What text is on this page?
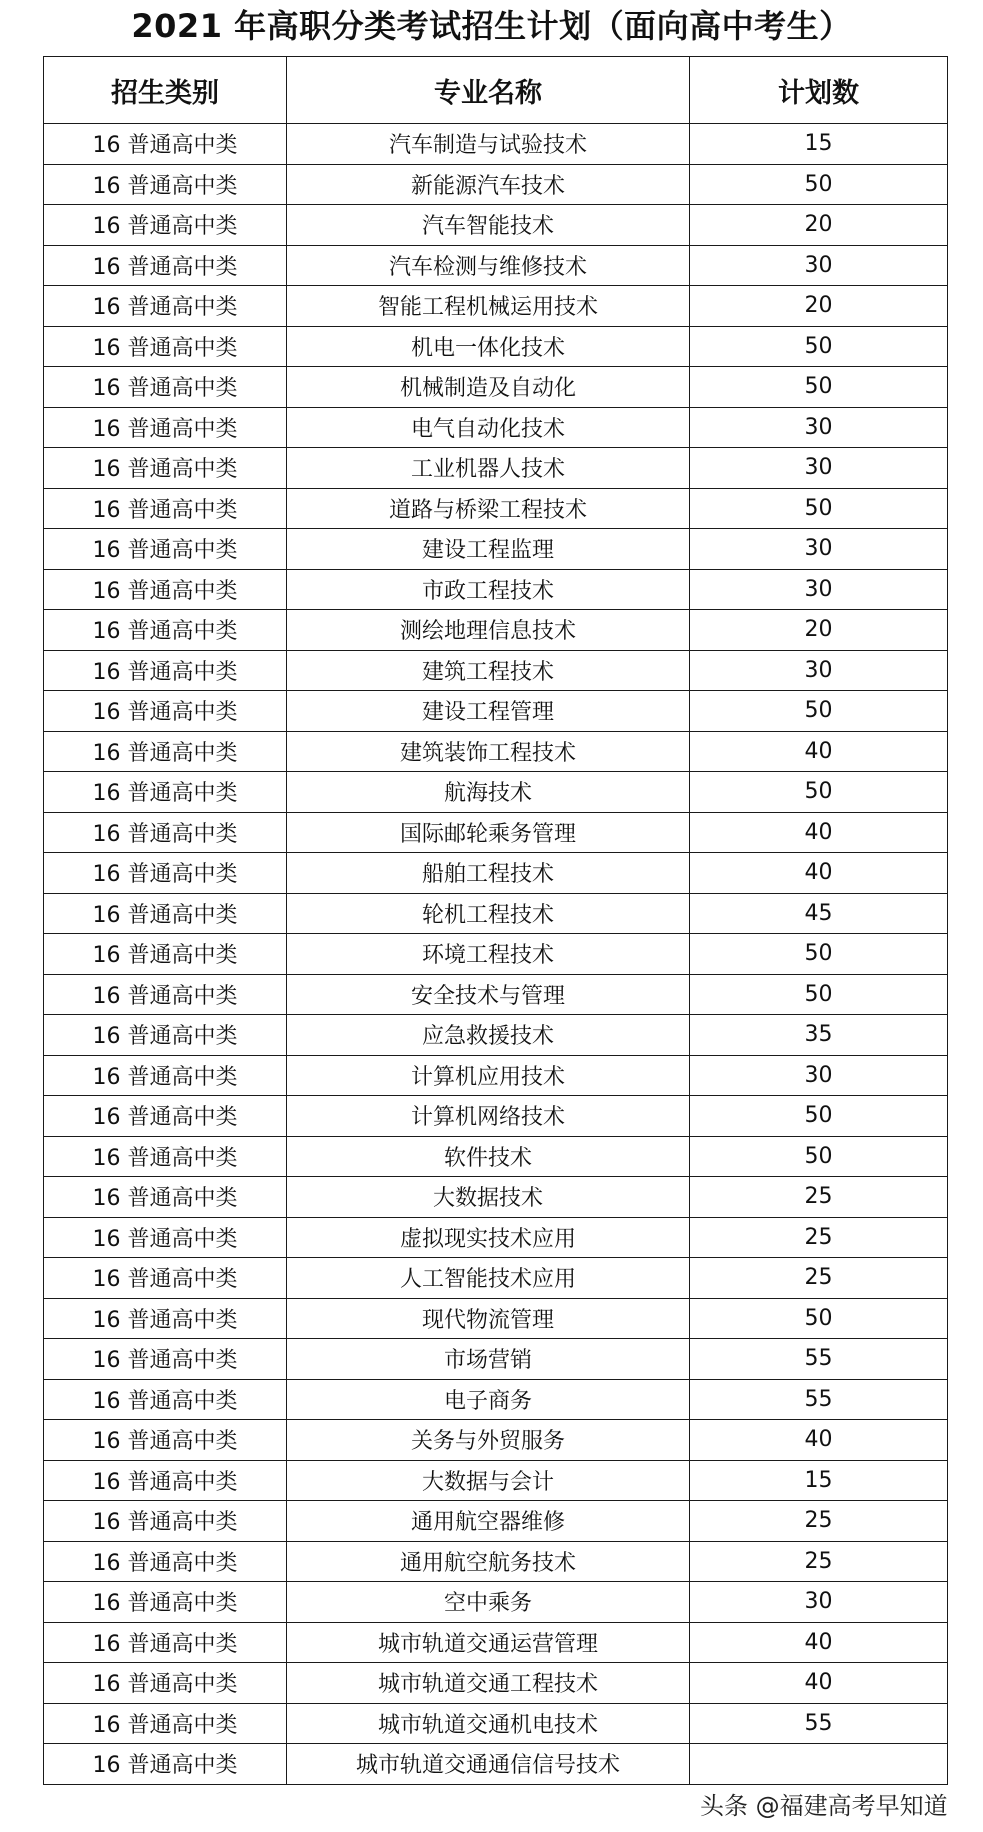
2021 年高职分类考试招生计划（面向高中考生）
招生类别	专业名称	计划数
16 普通高中类	汽车制造与试验技术	15
16 普通高中类	新能源汽车技术	50
16 普通高中类	汽车智能技术	20
16 普通高中类	汽车检测与维修技术	30
16 普通高中类	智能工程机械运用技术	20
16 普通高中类	机电一体化技术	50
16 普通高中类	机械制造及自动化	50
16 普通高中类	电气自动化技术	30
16 普通高中类	工业机器人技术	30
16 普通高中类	道路与桥梁工程技术	50
16 普通高中类	建设工程监理	30
16 普通高中类	市政工程技术	30
16 普通高中类	测绘地理信息技术	20
16 普通高中类	建筑工程技术	30
16 普通高中类	建设工程管理	50
16 普通高中类	建筑装饰工程技术	40
16 普通高中类	航海技术	50
16 普通高中类	国际邮轮乘务管理	40
16 普通高中类	船舶工程技术	40
16 普通高中类	轮机工程技术	45
16 普通高中类	环境工程技术	50
16 普通高中类	安全技术与管理	50
16 普通高中类	应急救援技术	35
16 普通高中类	计算机应用技术	30
16 普通高中类	计算机网络技术	50
16 普通高中类	软件技术	50
16 普通高中类	大数据技术	25
16 普通高中类	虚拟现实技术应用	25
16 普通高中类	人工智能技术应用	25
16 普通高中类	现代物流管理	50
16 普通高中类	市场营销	55
16 普通高中类	电子商务	55
16 普通高中类	关务与外贸服务	40
16 普通高中类	大数据与会计	15
16 普通高中类	通用航空器维修	25
16 普通高中类	通用航空航务技术	25
16 普通高中类	空中乘务	30
16 普通高中类	城市轨道交通运营管理	40
16 普通高中类	城市轨道交通工程技术	40
16 普通高中类	城市轨道交通机电技术	55
16 普通高中类	城市轨道交通通信信号技术	
头条 @福建高考早知道
